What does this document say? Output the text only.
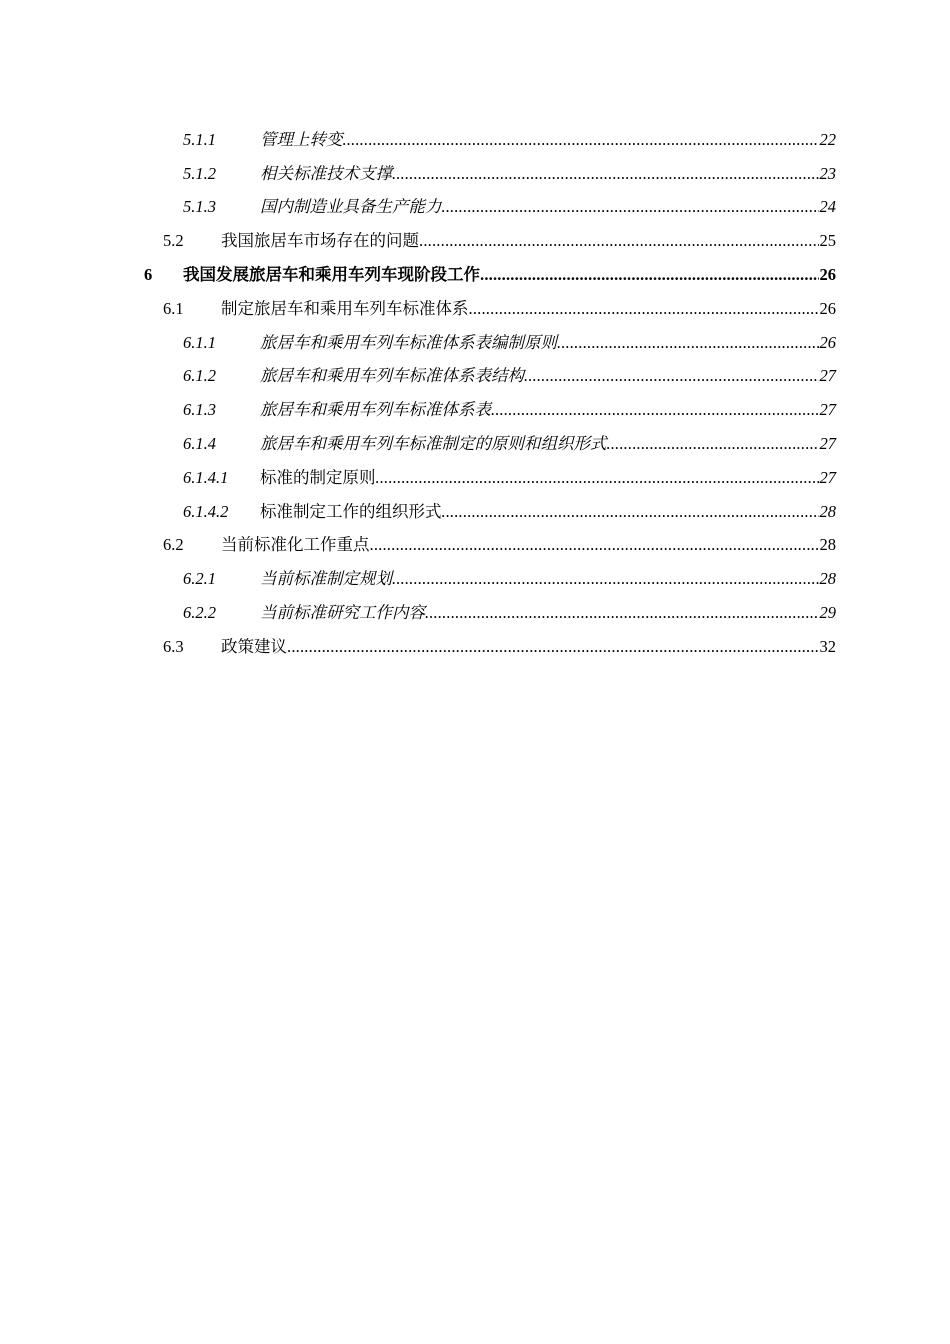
5.1.1	管理上转变 .....	22
5.1.2	相关标准技术支撑 .....	23
5.1.3	国内制造业具备生产能力 .....	24
5.2 我国旅居车市场存在的问题 .....	25
6 我国发展旅居车和乘用车列车现阶段工作 .....	26
6.1 制定旅居车和乘用车列车标准体系 .....	26
6.1.1	旅居车和乘用车列车标准体系表编制原则 .....	26
6.1.2	旅居车和乘用车列车标准体系表结构 .....	27
6.1.3	旅居车和乘用车列车标准体系表 .....	27
6.1.4	旅居车和乘用车列车标准制定的原则和组织形式 .....	27
6.1.4.1 标准的制定原则 .....	27
6.1.4.2 标准制定工作的组织形式 .....	28
6.2 当前标准化工作重点 .....	28
6.2.1	当前标准制定规划 .....	28
6.2.2	当前标准研究工作内容 .....	29
6.3 政策建议 .....	32
